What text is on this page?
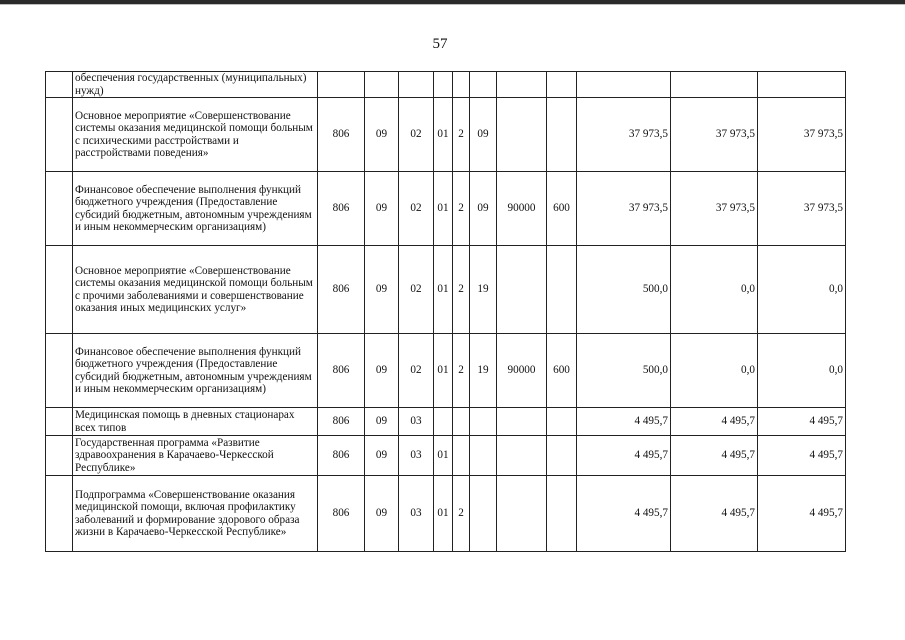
57
	обеспечения государственных (муниципальных) нужд)											
	Основное мероприятие «Совершенствование системы оказания медицинской помощи больным с психическими расстройствами и расстройствами поведения»	806	09	02	01	2	09			37 973,5	37 973,5	37 973,5
	Финансовое обеспечение выполнения функций бюджетного учреждения (Предоставление субсидий бюджетным, автономным учреждениям и иным некоммерческим организациям)	806	09	02	01	2	09	90000	600	37 973,5	37 973,5	37 973,5
	Основное мероприятие «Совершенствование системы оказания медицинской помощи больным с прочими заболеваниями и совершенствование оказания иных медицинских услуг»	806	09	02	01	2	19			500,0	0,0	0,0
	Финансовое обеспечение выполнения функций бюджетного учреждения (Предоставление субсидий бюджетным, автономным учреждениям и иным некоммерческим организациям)	806	09	02	01	2	19	90000	600	500,0	0,0	0,0
	Медицинская помощь в дневных стационарах всех типов	806	09	03						4 495,7	4 495,7	4 495,7
	Государственная программа «Развитие здравоохранения в Карачаево-Черкесской Республике»	806	09	03	01					4 495,7	4 495,7	4 495,7
	Подпрограмма «Совершенствование оказания медицинской помощи, включая профилактику заболеваний и формирование здорового образа жизни в Карачаево-Черкесской Республике»	806	09	03	01	2				4 495,7	4 495,7	4 495,7
